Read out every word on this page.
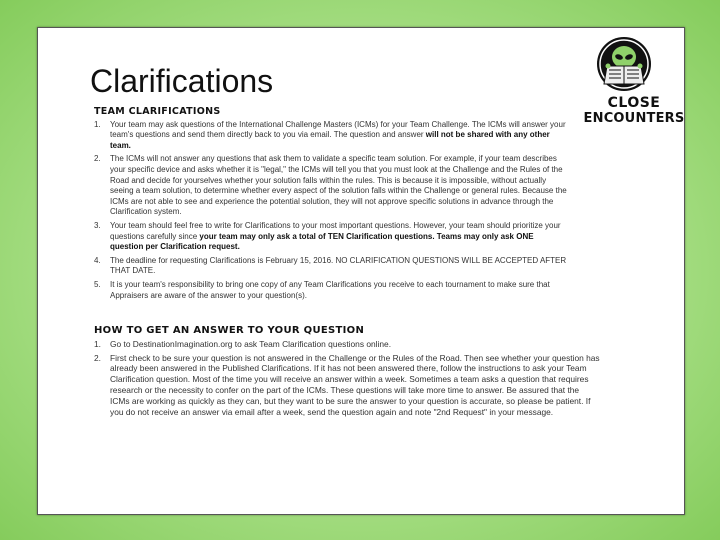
Clarifications
CLOSE
ENCOUNTERS
TEAM CLARIFICATIONS
1. Your team may ask questions of the International Challenge Masters (ICMs) for your Team Challenge. The ICMs will answer your team's questions and send them directly back to you via email. The question and answer will not be shared with any other team.
2. The ICMs will not answer any questions that ask them to validate a specific team solution. For example, if your team describes your specific device and asks whether it is "legal," the ICMs will tell you that you must look at the Challenge and the Rules of the Road and decide for yourselves whether your solution falls within the rules. This is because it is impossible, without actually seeing a team solution, to determine whether every aspect of the solution falls within the Challenge or general rules. Because the ICMs are not able to see and experience the potential solution, they will not approve specific solutions in advance through the Clarification system.
3. Your team should feel free to write for Clarifications to your most important questions. However, your team should prioritize your questions carefully since your team may only ask a total of TEN Clarification questions. Teams may only ask ONE question per Clarification request.
4. The deadline for requesting Clarifications is February 15, 2016. NO CLARIFICATION QUESTIONS WILL BE ACCEPTED AFTER THAT DATE.
5. It is your team's responsibility to bring one copy of any Team Clarifications you receive to each tournament to make sure that Appraisers are aware of the answer to your question(s).
HOW TO GET AN ANSWER TO YOUR QUESTION
1. Go to DestinationImagination.org to ask Team Clarification questions online.
2. First check to be sure your question is not answered in the Challenge or the Rules of the Road. Then see whether your question has already been answered in the Published Clarifications. If it has not been answered there, follow the instructions to ask your Team Clarification question. Most of the time you will receive an answer within a week. Sometimes a team asks a question that requires research or the necessity to confer on the part of the ICMs. These questions will take more time to answer. Be assured that the ICMs are working as quickly as they can, but they want to be sure the answer to your question is accurate, so please be patient. If you do not receive an answer via email after a week, send the question again and note "2nd Request" in your message.
